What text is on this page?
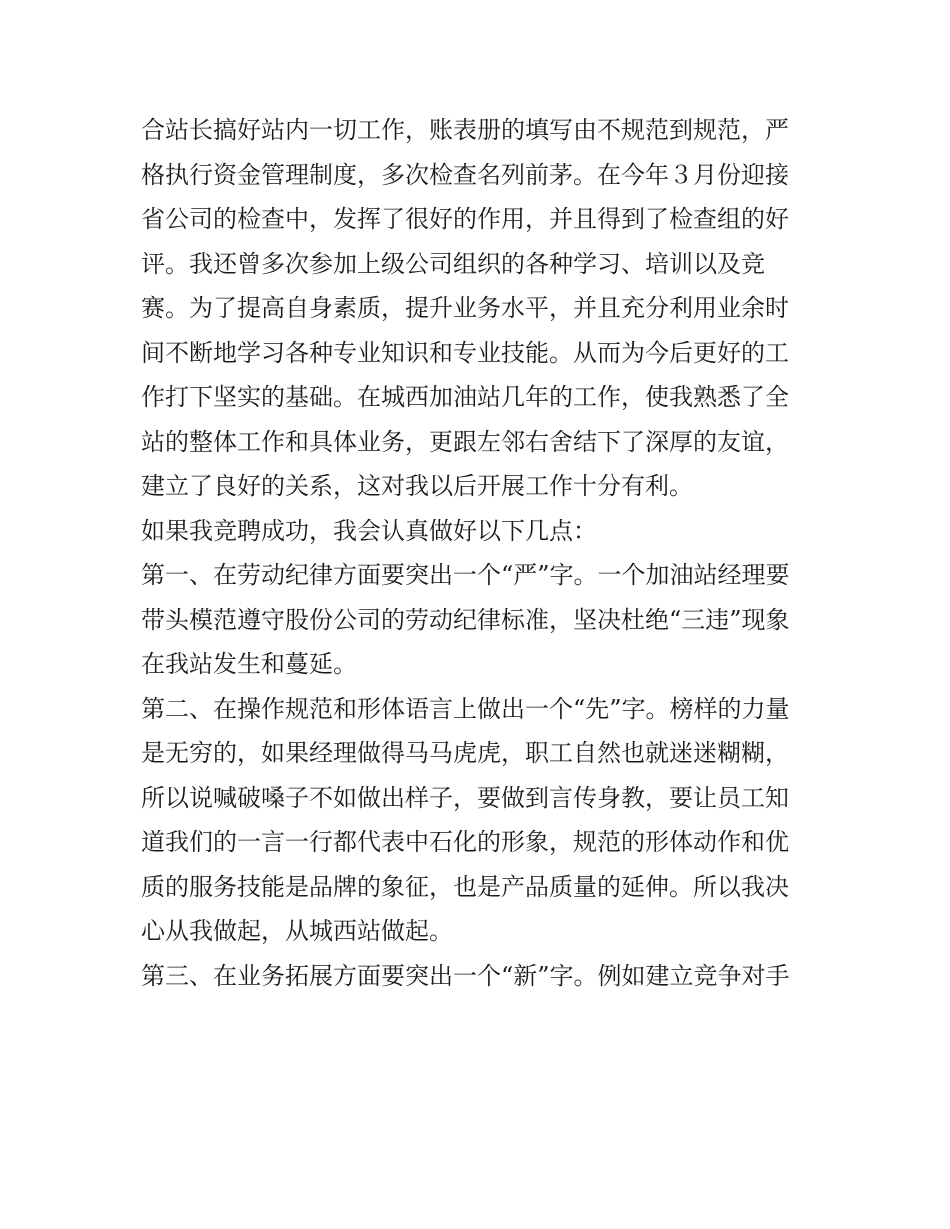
合站长搞好站内一切工作，账表册的填写由不规范到规范，严
格执行资金管理制度，多次检查名列前茅。在今年３月份迎接
省公司的检查中，发挥了很好的作用，并且得到了检查组的好
评。我还曾多次参加上级公司组织的各种学习、培训以及竞
赛。为了提高自身素质，提升业务水平，并且充分利用业余时
间不断地学习各种专业知识和专业技能。从而为今后更好的工
作打下坚实的基础。在城西加油站几年的工作，使我熟悉了全
站的整体工作和具体业务，更跟左邻右舍结下了深厚的友谊，
建立了良好的关系，这对我以后开展工作十分有利。
如果我竞聘成功，我会认真做好以下几点：
第一、在劳动纪律方面要突出一个“严”字。一个加油站经理要
带头模范遵守股份公司的劳动纪律标准，坚决杜绝“三违”现象
在我站发生和蔓延。
第二、在操作规范和形体语言上做出一个“先”字。榜样的力量
是无穷的，如果经理做得马马虎虎，职工自然也就迷迷糊糊，
所以说喊破嗓子不如做出样子，要做到言传身教，要让员工知
道我们的一言一行都代表中石化的形象，规范的形体动作和优
质的服务技能是品牌的象征，也是产品质量的延伸。所以我决
心从我做起，从城西站做起。
第三、在业务拓展方面要突出一个“新”字。例如建立竞争对手
